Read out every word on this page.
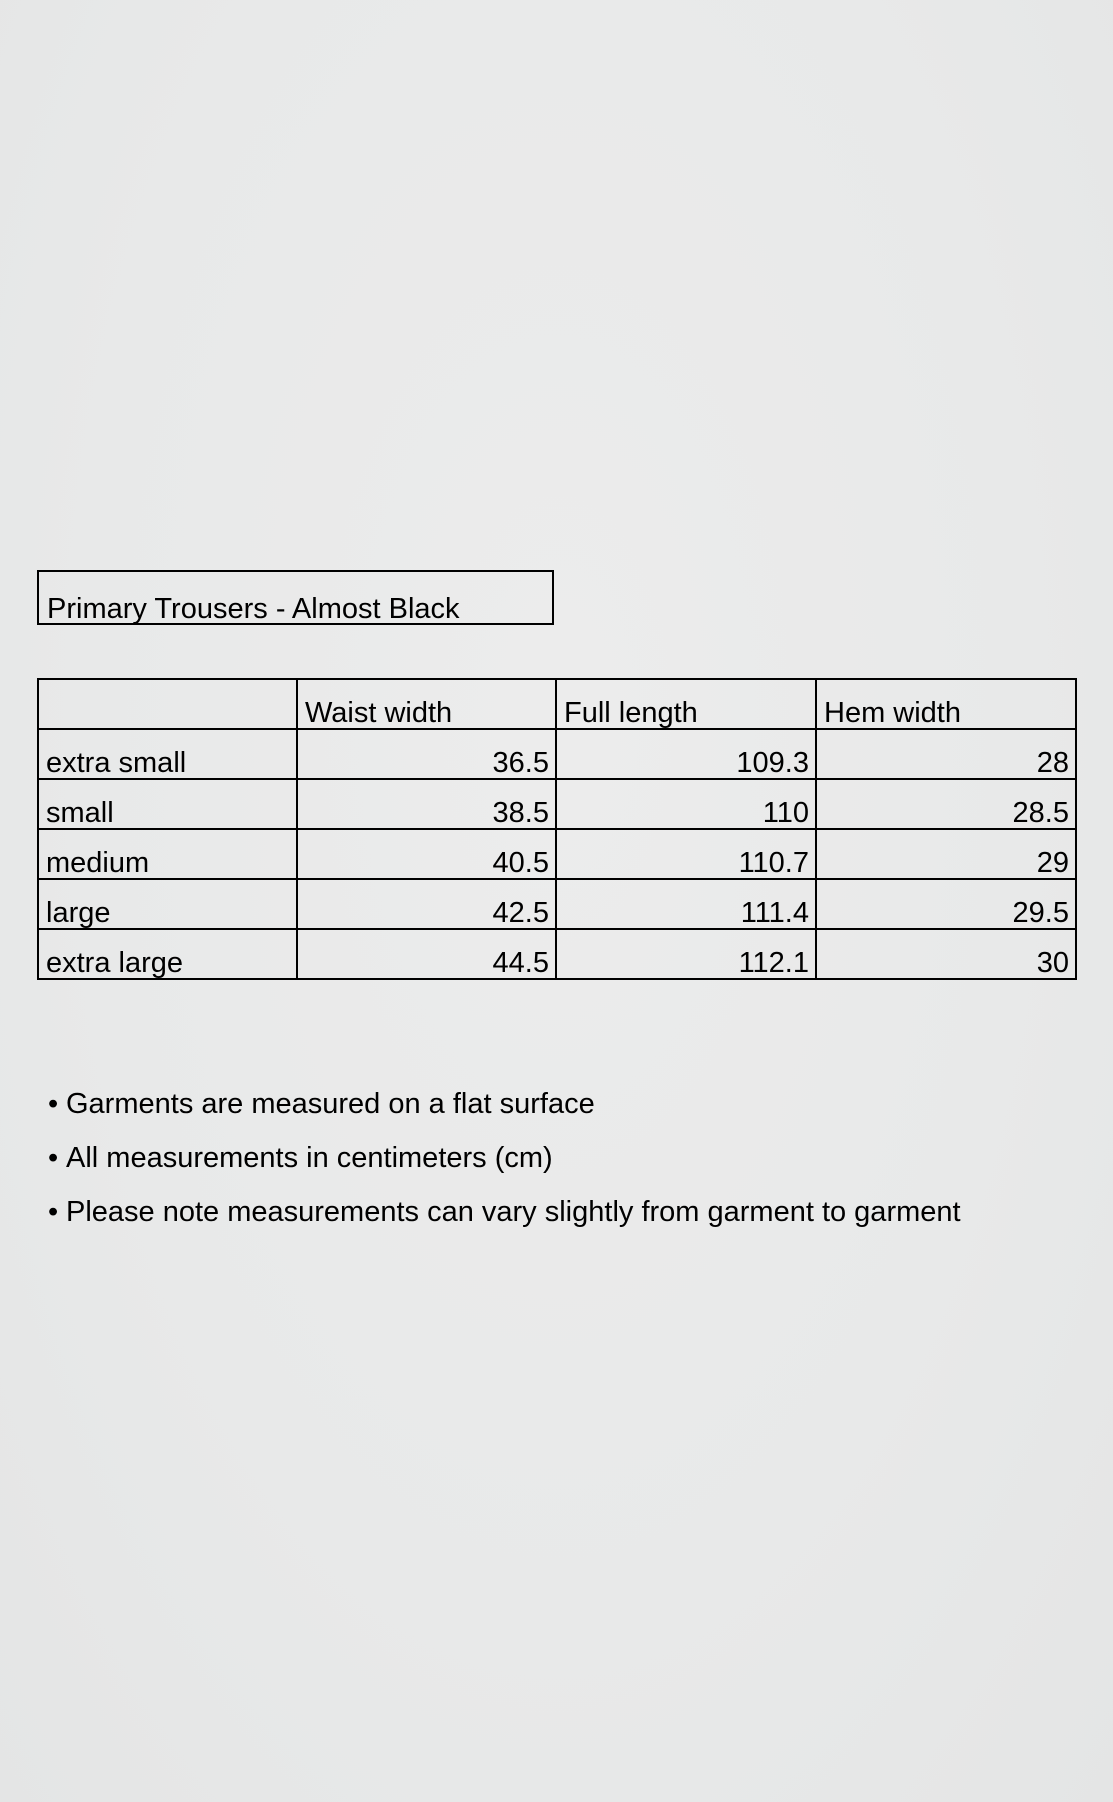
Primary Trousers - Almost Black
	Waist width	Full length	Hem width
extra small	36.5	109.3	28
small	38.5	110	28.5
medium	40.5	110.7	29
large	42.5	111.4	29.5
extra large	44.5	112.1	30
• Garments are measured on a flat surface
• All measurements in centimeters (cm)
• Please note measurements can vary slightly from garment to garment
